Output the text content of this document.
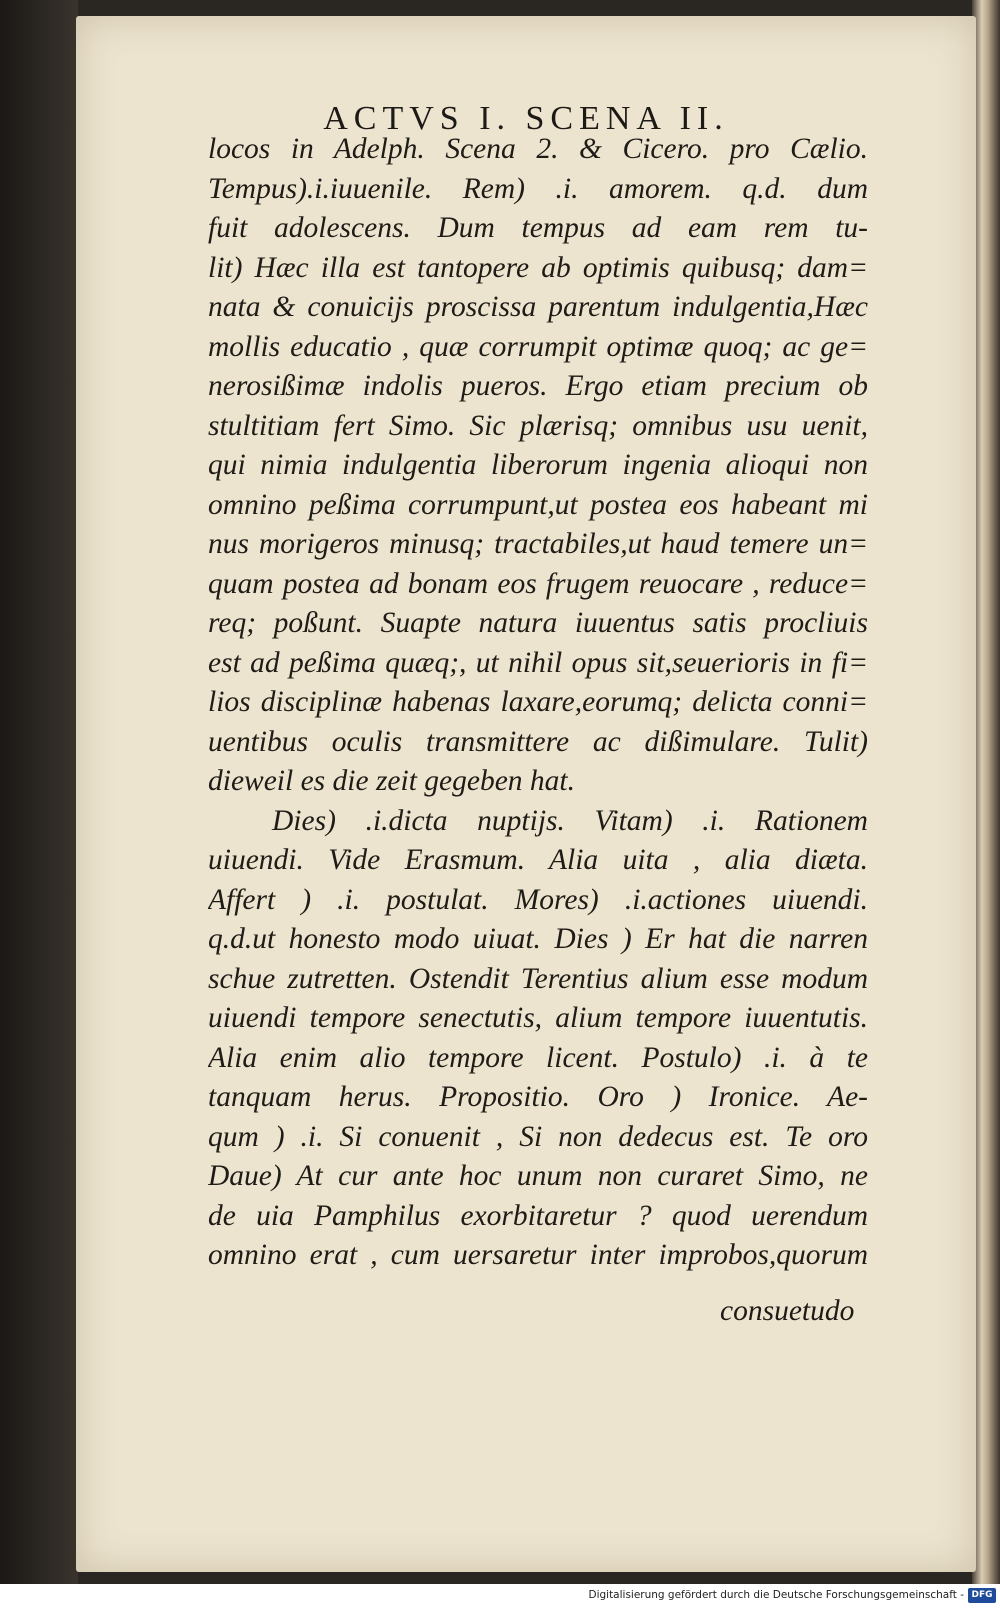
ACTVS I. SCENA II.
locos in Adelph. Scena 2. & Cicero. pro Cælio.
Tempus).i.iuuenile. Rem) .i. amorem. q.d. dum
fuit adolescens. Dum tempus ad eam rem tu-
lit) Hæc illa est tantopere ab optimis quibusq; dam=
nata & conuicijs proscissa parentum indulgentia,Hæc
mollis educatio , quæ corrumpit optimæ quoq; ac ge=
nerosißimæ indolis pueros. Ergo etiam precium ob
stultitiam fert Simo. Sic plærisq; omnibus usu uenit,
qui nimia indulgentia liberorum ingenia alioqui non
omnino peßima corrumpunt,ut postea eos habeant mi
nus morigeros minusq; tractabiles,ut haud temere un=
quam postea ad bonam eos frugem reuocare , reduce=
req; poßunt. Suapte natura iuuentus satis procliuis
est ad peßima quæq;, ut nihil opus sit,seuerioris in fi=
lios disciplinæ habenas laxare,eorumq; delicta conni=
uentibus oculis transmittere ac dißimulare. Tulit)
dieweil es die zeit gegeben hat.
Dies) .i.dicta nuptijs. Vitam) .i. Rationem
uiuendi. Vide Erasmum. Alia uita , alia diæta.
Affert ) .i. postulat. Mores) .i.actiones uiuendi.
q.d.ut honesto modo uiuat. Dies ) Er hat die narren
schue zutretten. Ostendit Terentius alium esse modum
uiuendi tempore senectutis, alium tempore iuuentutis.
Alia enim alio tempore licent. Postulo) .i. à te
tanquam herus. Propositio. Oro ) Ironice. Ae-
qum ) .i. Si conuenit , Si non dedecus est. Te oro
Daue) At cur ante hoc unum non curaret Simo, ne
de uia Pamphilus exorbitaretur ? quod uerendum
omnino erat , cum uersaretur inter improbos,quorum
consuetudo
Digitalisierung gefördert durch die Deutsche Forschungsgemeinschaft - DFG
